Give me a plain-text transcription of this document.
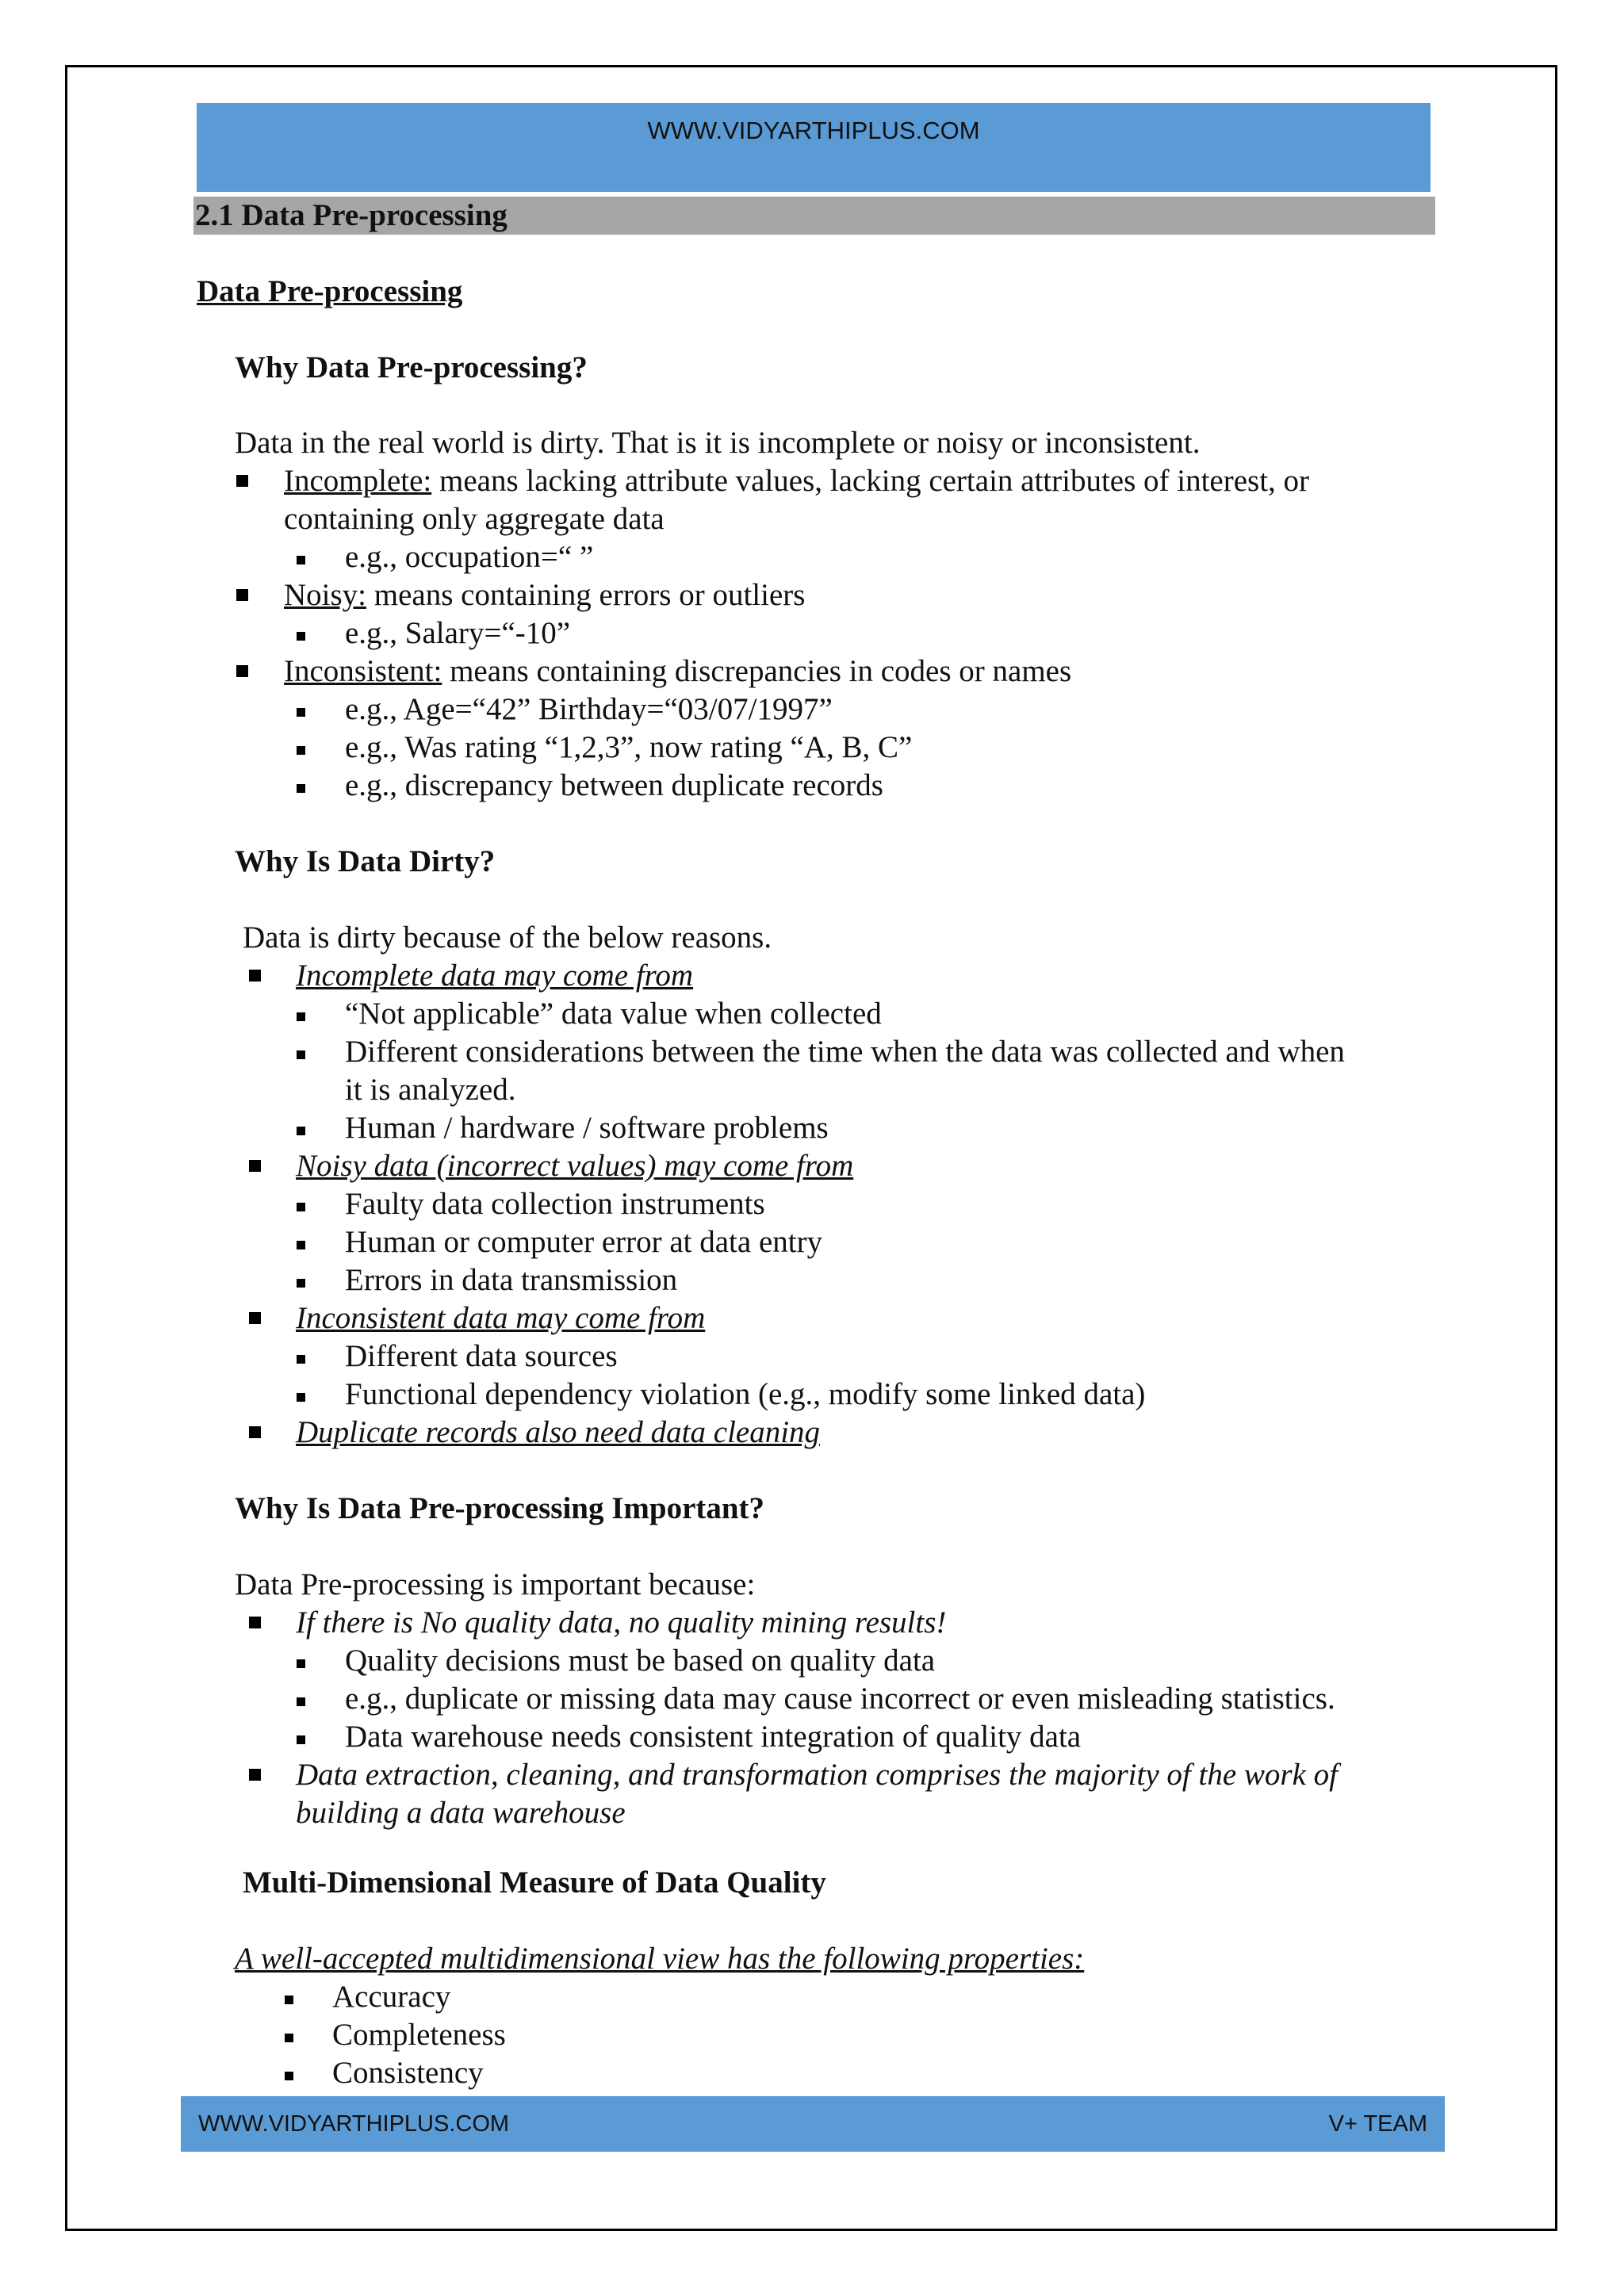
WWW.VIDYARTHIPLUS.COM
2.1 Data Pre-processing

Data Pre-processing

Why Data Pre-processing?

Data in the real world is dirty. That is it is incomplete or noisy or inconsistent.

Incomplete: means lacking attribute values, lacking certain attributes of interest, or

containing only aggregate data

e.g., occupation=“ ”

Noisy: means containing errors or outliers

e.g., Salary=“-10”

Inconsistent: means containing discrepancies in codes or names

e.g., Age=“42” Birthday=“03/07/1997”

e.g., Was rating “1,2,3”, now rating “A, B, C”

e.g., discrepancy between duplicate records

Why Is Data Dirty?

Data is dirty because of the below reasons.

Incomplete data may come from

“Not applicable” data value when collected

Different considerations between the time when the data was collected and when

it is analyzed.

Human / hardware / software problems

Noisy data (incorrect values) may come from

Faulty data collection instruments

Human or computer error at data entry

Errors in data transmission

Inconsistent data may come from

Different data sources

Functional dependency violation (e.g., modify some linked data)

Duplicate records also need data cleaning

Why Is Data Pre-processing Important?

Data Pre-processing is important because:

If there is No quality data, no quality mining results!

Quality decisions must be based on quality data

e.g., duplicate or missing data may cause incorrect or even misleading statistics.

Data warehouse needs consistent integration of quality data

Data extraction, cleaning, and transformation comprises the majority of the work of

building a data warehouse

Multi-Dimensional Measure of Data Quality

A well-accepted multidimensional view has the following properties:

Accuracy

Completeness

Consistency

WWW.VIDYARTHIPLUS.COM	V+ TEAM
